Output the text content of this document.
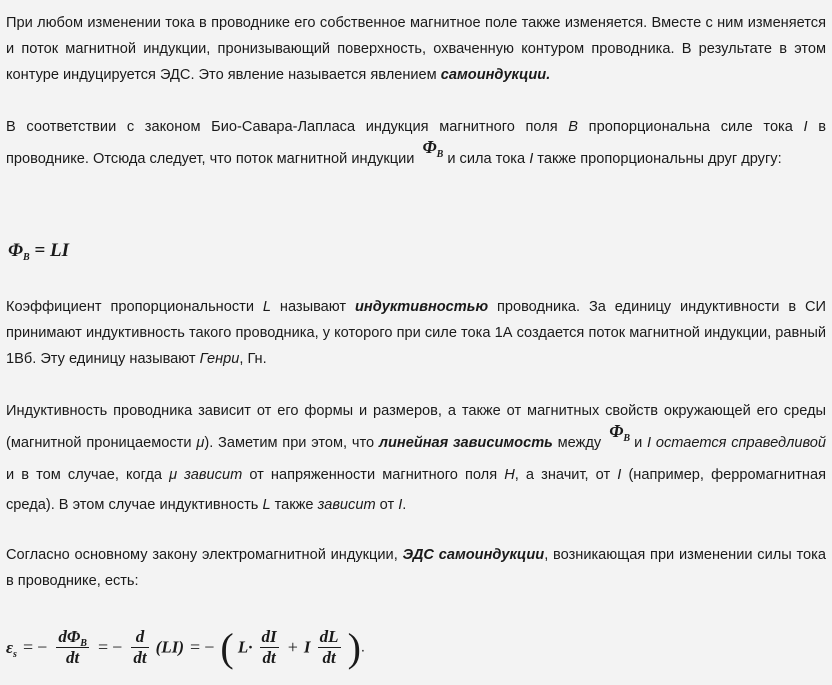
При любом изменении тока в проводнике его собственное магнитное поле также изменяется. Вместе с ним изменяется и поток магнитной индукции, пронизывающий поверхность, охваченную контуром проводника. В результате в этом контуре индуцируется ЭДС. Это явление называется явлением самоиндукции.

В соответствии с законом Био-Савара-Лапласа индукция магнитного поля B пропорциональна силе тока I в проводнике. Отсюда следует, что поток магнитной индукцииΦ$_B$ и сила тока I также пропорциональны друг другу:

$\Phi_B$ = LI

Коэффициент пропорциональности L называют индуктивностью проводника. За единицу индуктивности в СИ принимают индуктивность такого проводника, у которого при силе тока 1А создается поток магнитной индукции, равный 1Вб. Эту единицу называют Генри, Гн.

Индуктивность проводника зависит от его формы и размеров, а также от магнитных свойств окружающей его среды (магнитной проницаемости μ). Заметим при этом, что линейная зависимость междуΦ$_B$ и I остается справедливой и в том случае, когда μ зависит от напряженности магнитного поля H, а значит, от I (например, ферромагнитная среда). В этом случае индуктивность L также зависит от I.

Согласно основному закону электромагнитной индукции, ЭДС самоиндукции, возникающая при изменении силы тока в проводнике, есть:

$\varepsilon_s$ = − $\frac{d\Phi_B}{dt}$ = − $\frac{d}{dt} (LI)$ = − ( $L\cdot \frac{dI}{dt} + I \frac{dL}{dt}$ ).
